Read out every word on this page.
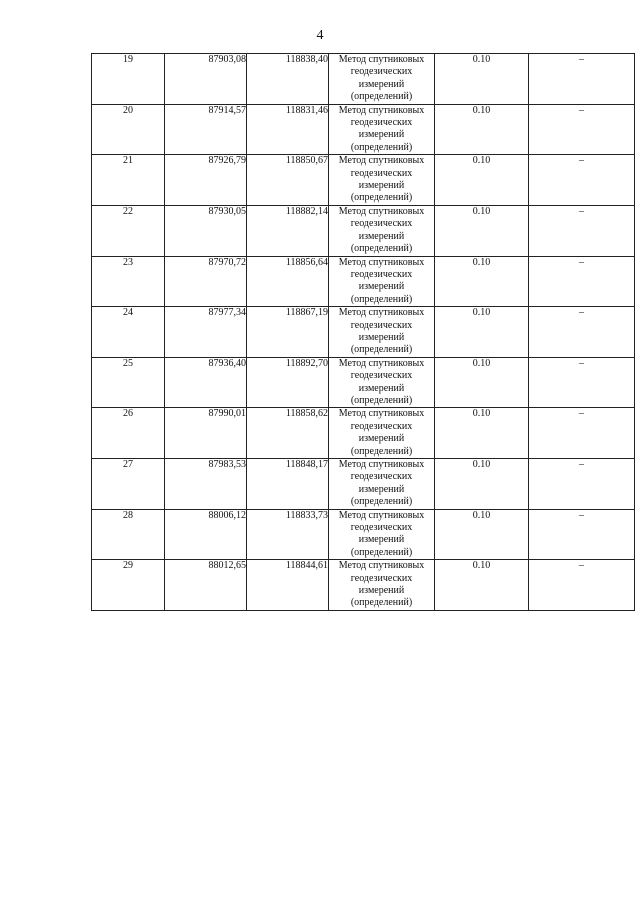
4
19	87903,08	118838,40	Метод спутниковых
геодезических
измерений
(определений)	0.10	–
20	87914,57	118831,46	Метод спутниковых
геодезических
измерений
(определений)	0.10	–
21	87926,79	118850,67	Метод спутниковых
геодезических
измерений
(определений)	0.10	–
22	87930,05	118882,14	Метод спутниковых
геодезических
измерений
(определений)	0.10	–
23	87970,72	118856,64	Метод спутниковых
геодезических
измерений
(определений)	0.10	–
24	87977,34	118867,19	Метод спутниковых
геодезических
измерений
(определений)	0.10	–
25	87936,40	118892,70	Метод спутниковых
геодезических
измерений
(определений)	0.10	–
26	87990,01	118858,62	Метод спутниковых
геодезических
измерений
(определений)	0.10	–
27	87983,53	118848,17	Метод спутниковых
геодезических
измерений
(определений)	0.10	–
28	88006,12	118833,73	Метод спутниковых
геодезических
измерений
(определений)	0.10	–
29	88012,65	118844,61	Метод спутниковых
геодезических
измерений
(определений)	0.10	–
